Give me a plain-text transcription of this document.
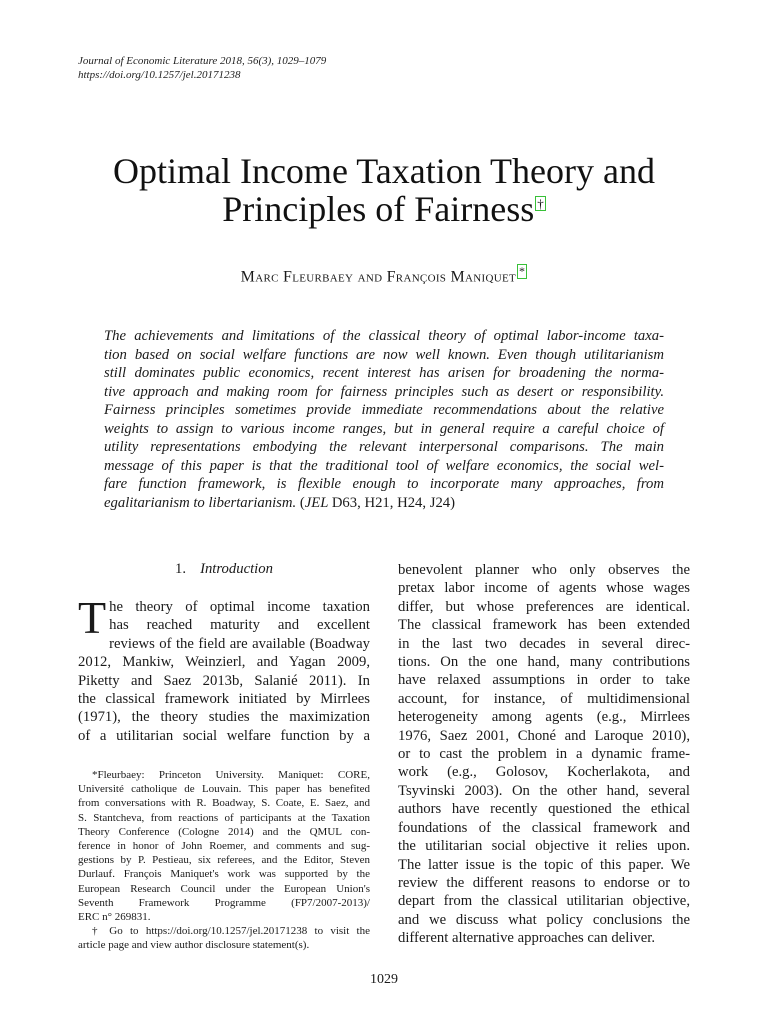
Journal of Economic Literature 2018, 56(3), 1029–1079
https://doi.org/10.1257/jel.20171238
Optimal Income Taxation Theory and
Principles of Fairness †
Marc Fleurbaey and François Maniquet *
The achievements and limitations of the classical theory of optimal labor-income taxa-
tion based on social welfare functions are now well known. Even though utilitarianism
still dominates public economics, recent interest has arisen for broadening the norma-
tive approach and making room for fairness principles such as desert or responsibility.
Fairness principles sometimes provide immediate recommendations about the relative
weights to assign to various income ranges, but in general require a careful choice of
utility representations embodying the relevant interpersonal comparisons. The main
message of this paper is that the traditional tool of welfare economics, the social wel-
fare function framework, is flexible enough to incorporate many approaches, from
egalitarianism to libertarianism. (JEL D63, H21, H24, J24)
1. Introduction
T he theory of optimal income taxation
has reached maturity and excellent
reviews of the field are available (Boadway
2012, Mankiw, Weinzierl, and Yagan 2009,
Piketty and Saez 2013b, Salanié 2011). In
the classical framework initiated by Mirrlees
(1971), the theory studies the maximization
of a utilitarian social welfare function by a
*Fleurbaey: Princeton University. Maniquet: CORE,
Université catholique de Louvain. This paper has benefited
from conversations with R. Boadway, S. Coate, E. Saez, and
S. Stantcheva, from reactions of participants at the Taxation
Theory Conference (Cologne 2014) and the QMUL con-
ference in honor of John Roemer, and comments and sug-
gestions by P. Pestieau, six referees, and the Editor, Steven
Durlauf. François Maniquet's work was supported by the
European Research Council under the European Union's
Seventh Framework Programme (FP7/2007-2013)/
ERC n° 269831.
† Go to https://doi.org/10.1257/jel.20171238 to visit the
article page and view author disclosure statement(s).
benevolent planner who only observes the
pretax labor income of agents whose wages
differ, but whose preferences are identical.
The classical framework has been extended
in the last two decades in several direc-
tions. On the one hand, many contributions
have relaxed assumptions in order to take
account, for instance, of multidimensional
heterogeneity among agents (e.g., Mirrlees
1976, Saez 2001, Choné and Laroque 2010),
or to cast the problem in a dynamic frame-
work (e.g., Golosov, Kocherlakota, and
Tsyvinski 2003). On the other hand, several
authors have recently questioned the ethical
foundations of the classical framework and
the utilitarian social objective it relies upon.
The latter issue is the topic of this paper. We
review the different reasons to endorse or to
depart from the classical utilitarian objective,
and we discuss what policy conclusions the
different alternative approaches can deliver.
1029
